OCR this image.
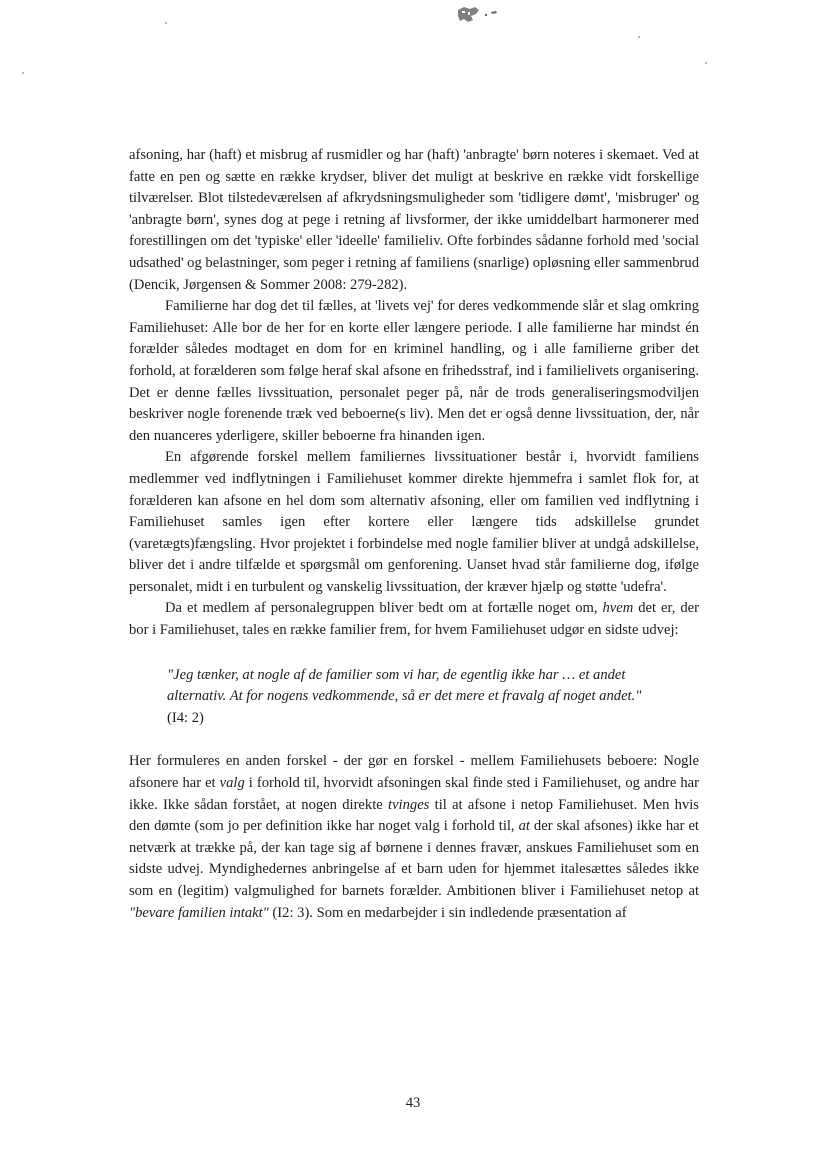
afsoning, har (haft) et misbrug af rusmidler og har (haft) 'anbragte' børn noteres i skemaet. Ved at fatte en pen og sætte en række krydser, bliver det muligt at beskrive en række vidt forskellige tilværelser. Blot tilstedeværelsen af afkrydsningsmuligheder som 'tidligere dømt', 'misbruger' og 'anbragte børn', synes dog at pege i retning af livsformer, der ikke umiddelbart harmonerer med forestillingen om det 'typiske' eller 'ideelle' familieliv. Ofte forbindes sådanne forhold med 'social udsathed' og belastninger, som peger i retning af familiens (snarlige) opløsning eller sammenbrud (Dencik, Jørgensen & Sommer 2008: 279-282).

Familierne har dog det til fælles, at 'livets vej' for deres vedkommende slår et slag omkring Familiehuset: Alle bor de her for en korte eller længere periode. I alle familierne har mindst én forælder således modtaget en dom for en kriminel handling, og i alle familierne griber det forhold, at forælderen som følge heraf skal afsone en frihedsstraf, ind i familielivets organisering. Det er denne fælles livssituation, personalet peger på, når de trods generaliseringsmodviljen beskriver nogle forenende træk ved beboerne(s liv). Men det er også denne livssituation, der, når den nuanceres yderligere, skiller beboerne fra hinanden igen.

En afgørende forskel mellem familiernes livssituationer består i, hvorvidt familiens medlemmer ved indflytningen i Familiehuset kommer direkte hjemmefra i samlet flok for, at forælderen kan afsone en hel dom som alternativ afsoning, eller om familien ved indflytning i Familiehuset samles igen efter kortere eller længere tids adskillelse grundet (varetægts)fængsling. Hvor projektet i forbindelse med nogle familier bliver at undgå adskillelse, bliver det i andre tilfælde et spørgsmål om genforening. Uanset hvad står familierne dog, ifølge personalet, midt i en turbulent og vanskelig livssituation, der kræver hjælp og støtte 'udefra'.

Da et medlem af personalegruppen bliver bedt om at fortælle noget om, hvem det er, der bor i Familiehuset, tales en række familier frem, for hvem Familiehuset udgør en sidste udvej:

"Jeg tænker, at nogle af de familier som vi har, de egentlig ikke har … et andet
alternativ. At for nogens vedkommende, så er det mere et fravalg af noget andet."
(I4: 2)

Her formuleres en anden forskel - der gør en forskel - mellem Familiehusets beboere: Nogle afsonere har et valg i forhold til, hvorvidt afsoningen skal finde sted i Familiehuset, og andre har ikke. Ikke sådan forstået, at nogen direkte tvinges til at afsone i netop Familiehuset. Men hvis den dømte (som jo per definition ikke har noget valg i forhold til, at der skal afsones) ikke har et netværk at trække på, der kan tage sig af børnene i dennes fravær, anskues Familiehuset som en sidste udvej. Myndighedernes anbringelse af et barn uden for hjemmet italesættes således ikke som en (legitim) valgmulighed for barnets forælder. Ambitionen bliver i Familiehuset netop at "bevare familien intakt" (I2: 3). Som en medarbejder i sin indledende præsentation af

43
